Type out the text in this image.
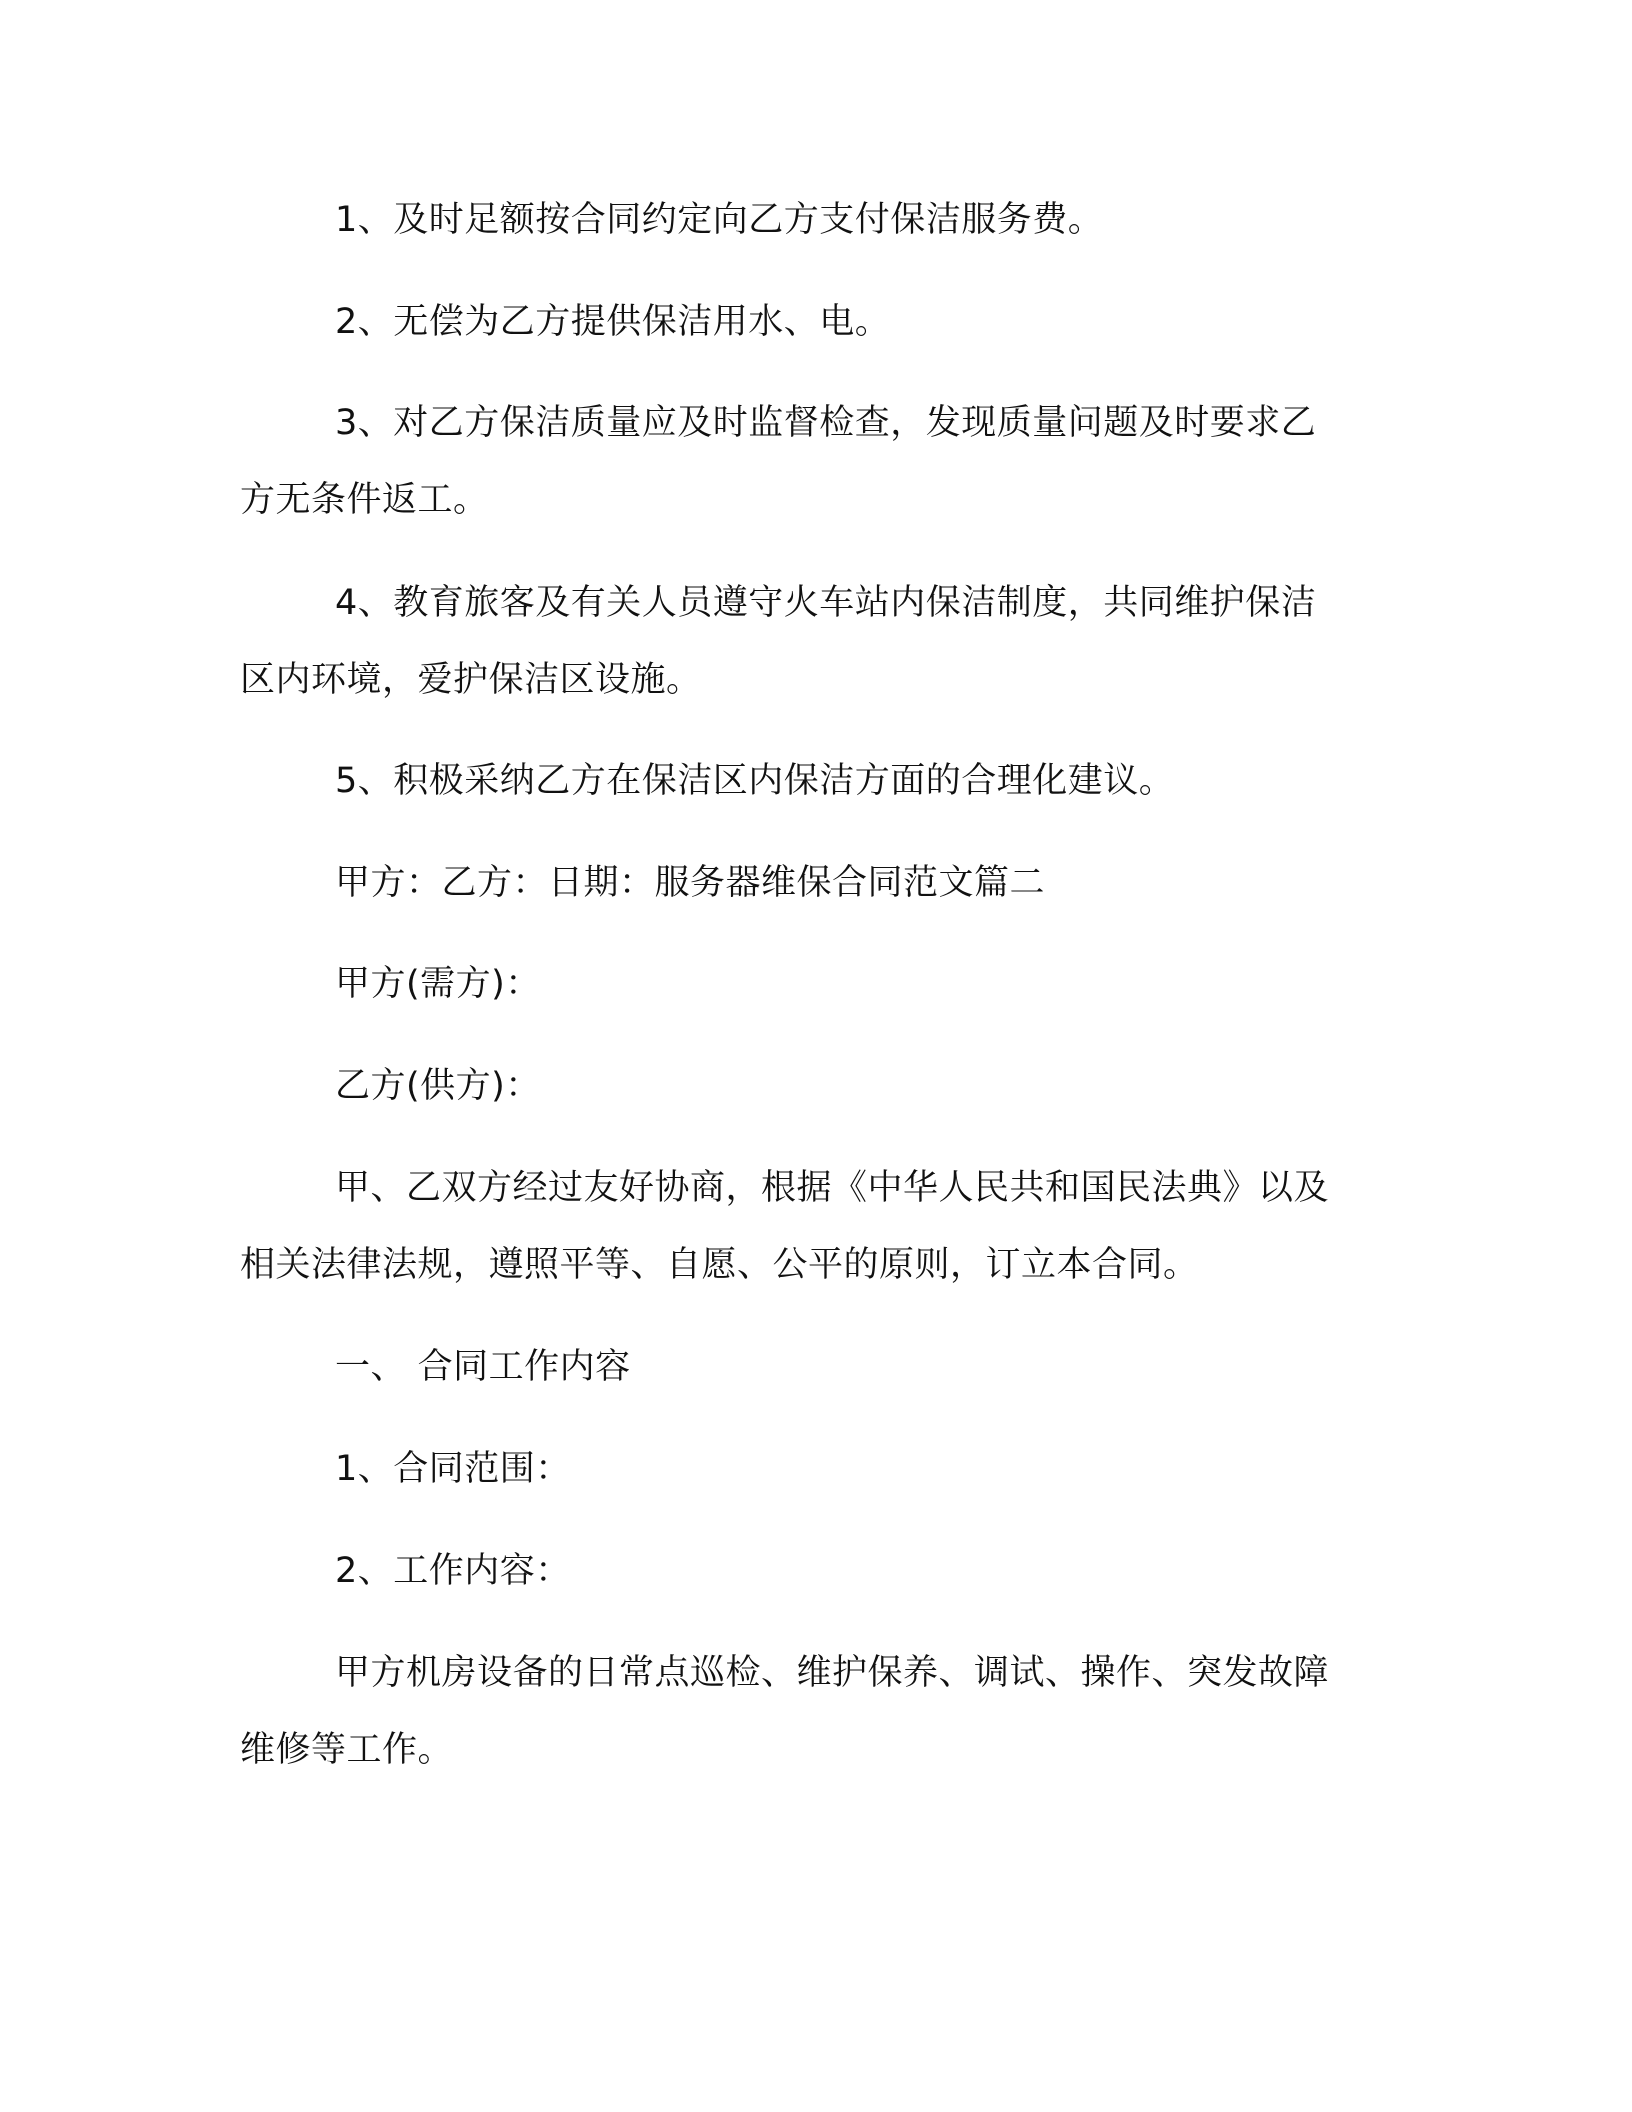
1、及时足额按合同约定向乙方支付保洁服务费。
2、无偿为乙方提供保洁用水、电。
3、对乙方保洁质量应及时监督检查，发现质量问题及时要求乙
方无条件返工。
4、教育旅客及有关人员遵守火车站内保洁制度，共同维护保洁
区内环境，爱护保洁区设施。
5、积极采纳乙方在保洁区内保洁方面的合理化建议。
甲方：乙方：日期：服务器维保合同范文篇二
甲方(需方)：
乙方(供方)：
甲、乙双方经过友好协商，根据《中华人民共和国民法典》以及
相关法律法规，遵照平等、自愿、公平的原则，订立本合同。
一、 合同工作内容
1、合同范围：
2、工作内容：
甲方机房设备的日常点巡检、维护保养、调试、操作、突发故障
维修等工作。
